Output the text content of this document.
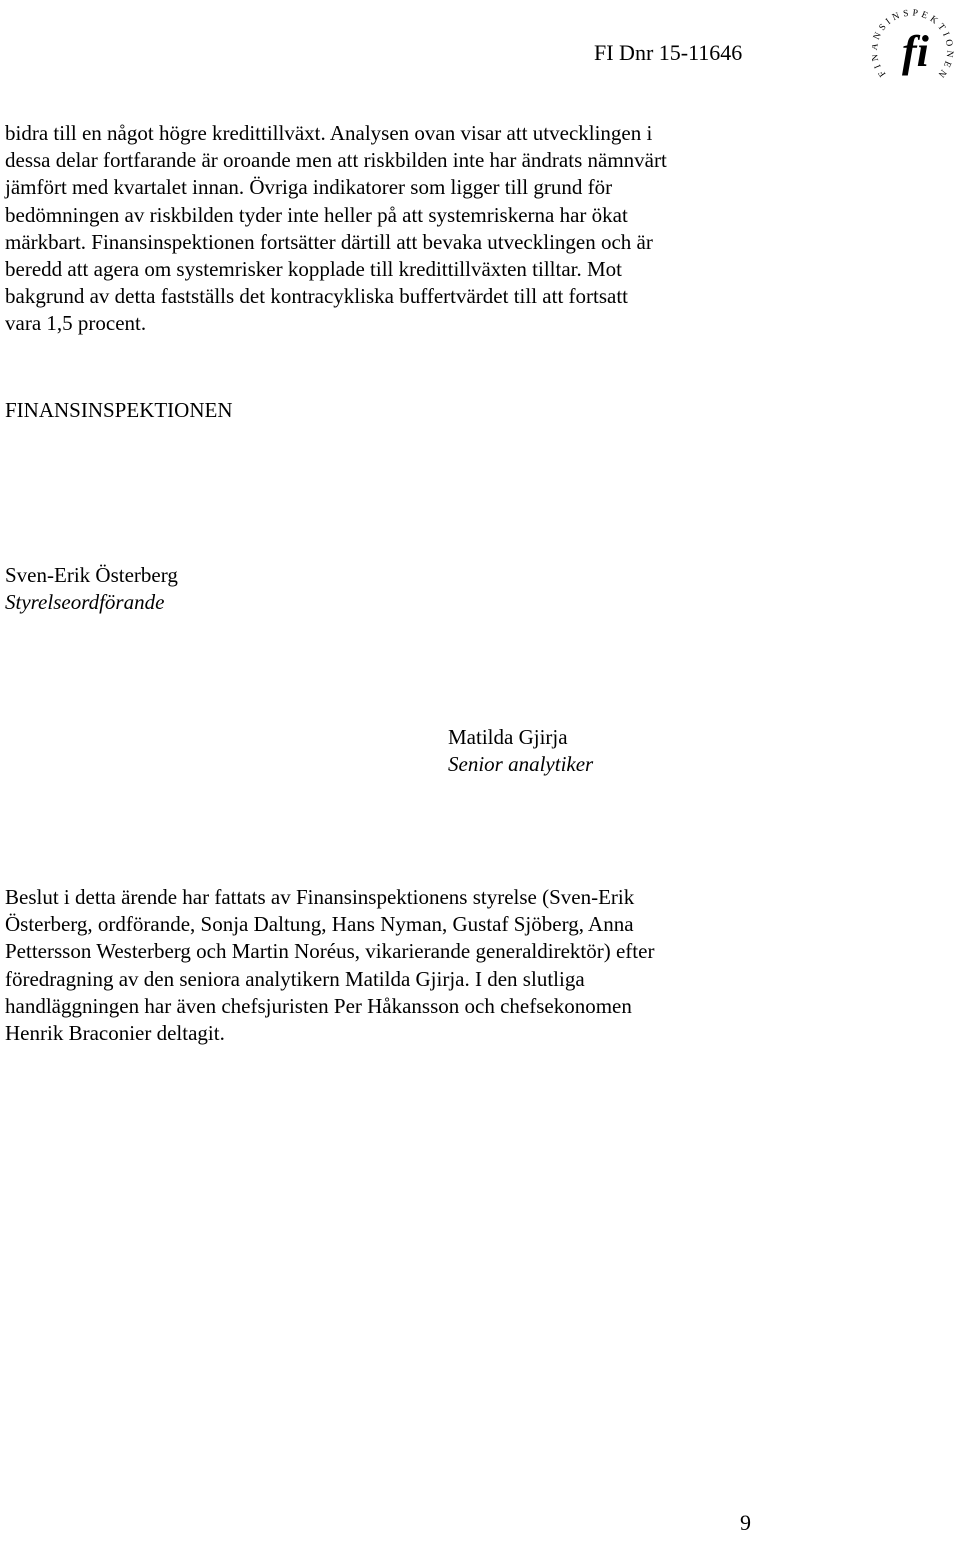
FI Dnr 15-11646
FI NSINSPEKTIONEN
fi

bidra till en något högre kredittillväxt. Analysen ovan visar att utvecklingen i
dessa delar fortfarande är oroande men att riskbilden inte har ändrats nämnvärt
jämfört med kvartalet innan. Övriga indikatorer som ligger till grund för
bedömningen av riskbilden tyder inte heller på att systemriskerna har ökat
märkbart. Finansinspektionen fortsätter därtill att bevaka utvecklingen och är
beredd att agera om systemrisker kopplade till kredittillväxten tilltar. Mot
bakgrund av detta fastställs det kontracykliska buffertvärdet till att fortsatt
vara 1,5 procent.

FINANSINSPEKTIONEN
Sven-Erik Österberg
Styrelseordförande
Matilda Gjirja
Senior analytiker

Beslut i detta ärende har fattats av Finansinspektionens styrelse (Sven-Erik
Österberg, ordförande, Sonja Daltung, Hans Nyman, Gustaf Sjöberg, Anna
Pettersson Westerberg och Martin Noréus, vikarierande generaldirektör) efter
föredragning av den seniora analytikern Matilda Gjirja. I den slutliga
handläggningen har även chefsjuristen Per Håkansson och chefsekonomen
Henrik Braconier deltagit.

9
